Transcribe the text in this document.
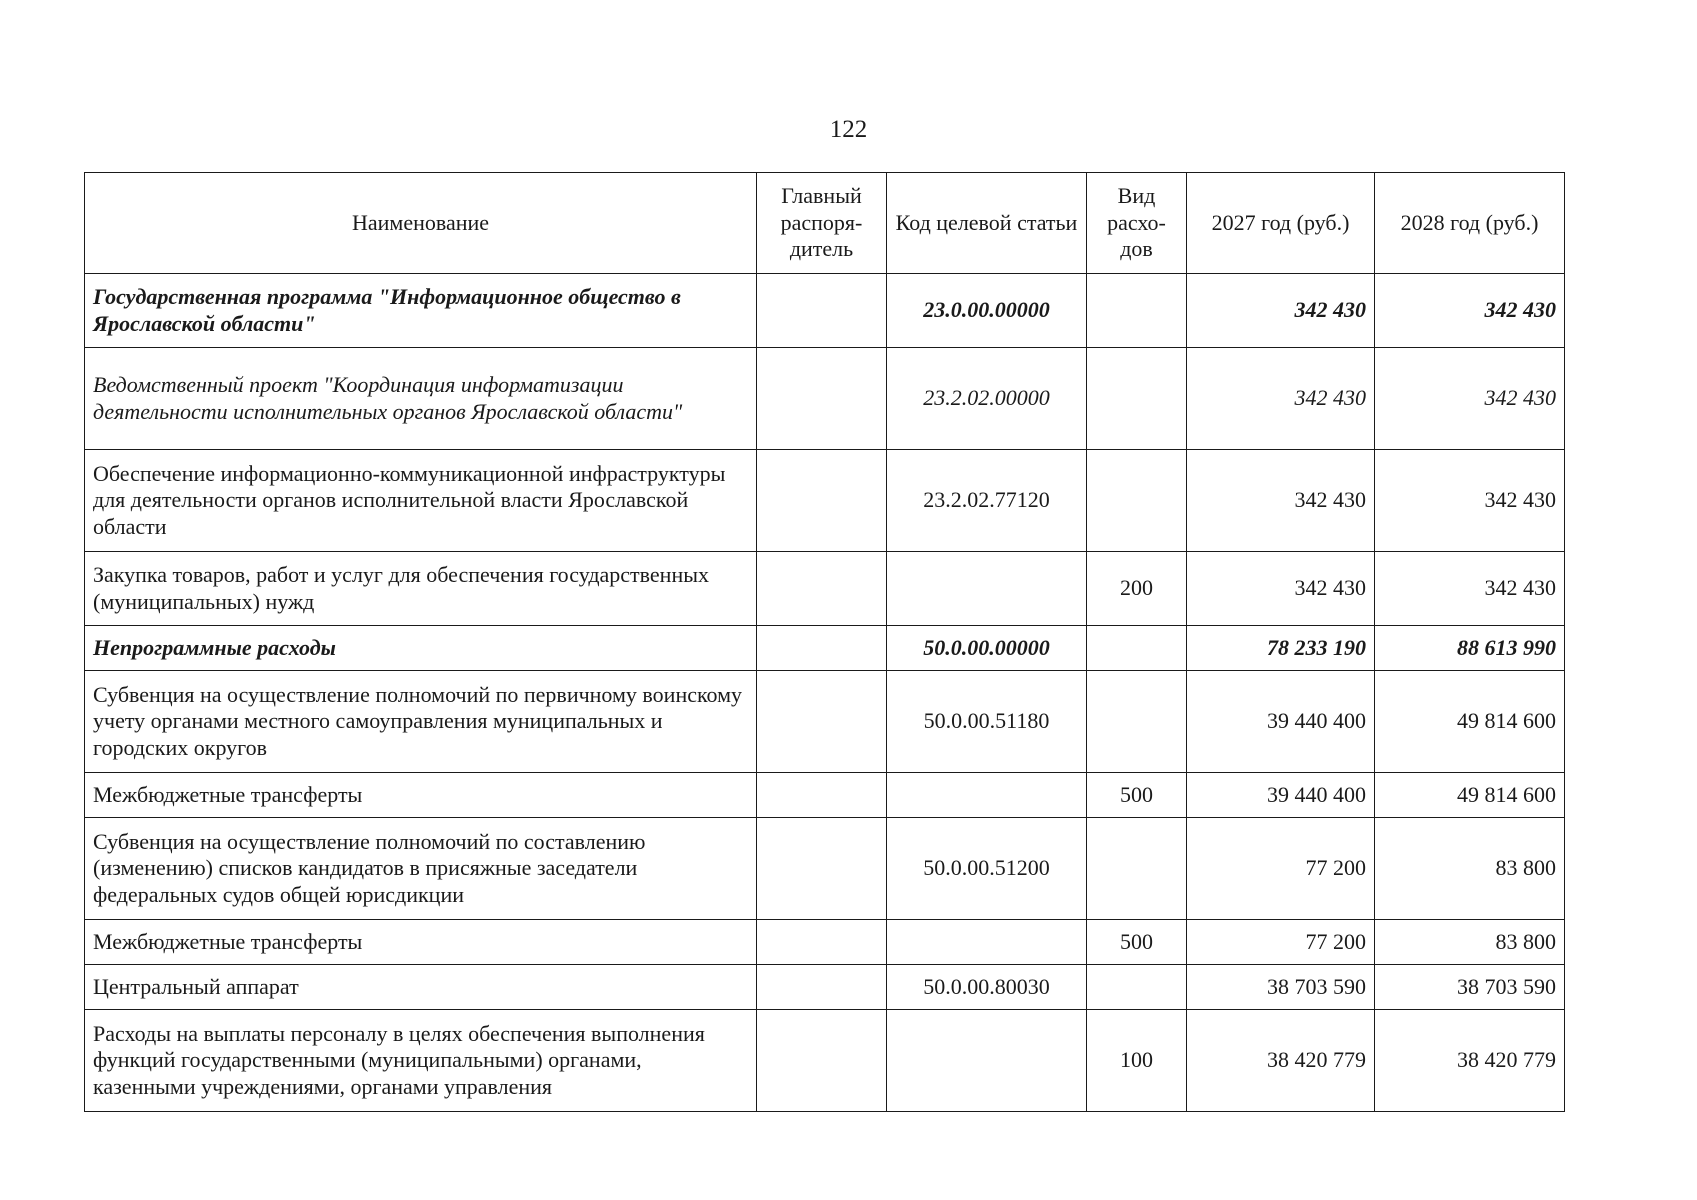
122
Наименование	Главный распоря-дитель	Код целевой статьи	Вид расхо-дов	2027 год (руб.)	2028 год (руб.)
Государственная программа "Информационное общество в Ярославской области"		23.0.00.00000		342 430	342 430
Ведомственный проект "Координация информатизации деятельности исполнительных органов Ярославской области"		23.2.02.00000		342 430	342 430
Обеспечение информационно-коммуникационной инфраструктуры для деятельности органов исполнительной власти Ярославской области		23.2.02.77120		342 430	342 430
Закупка товаров, работ и услуг для обеспечения государственных (муниципальных) нужд			200	342 430	342 430
Непрограммные расходы		50.0.00.00000		78 233 190	88 613 990
Субвенция на осуществление полномочий по первичному воинскому учету органами местного самоуправления муниципальных и городских округов		50.0.00.51180		39 440 400	49 814 600
Межбюджетные трансферты			500	39 440 400	49 814 600
Субвенция на осуществление полномочий по составлению (изменению) списков кандидатов в присяжные заседатели федеральных судов общей юрисдикции		50.0.00.51200		77 200	83 800
Межбюджетные трансферты			500	77 200	83 800
Центральный аппарат		50.0.00.80030		38 703 590	38 703 590
Расходы на выплаты персоналу в целях обеспечения выполнения функций государственными (муниципальными) органами, казенными учреждениями, органами управления			100	38 420 779	38 420 779
